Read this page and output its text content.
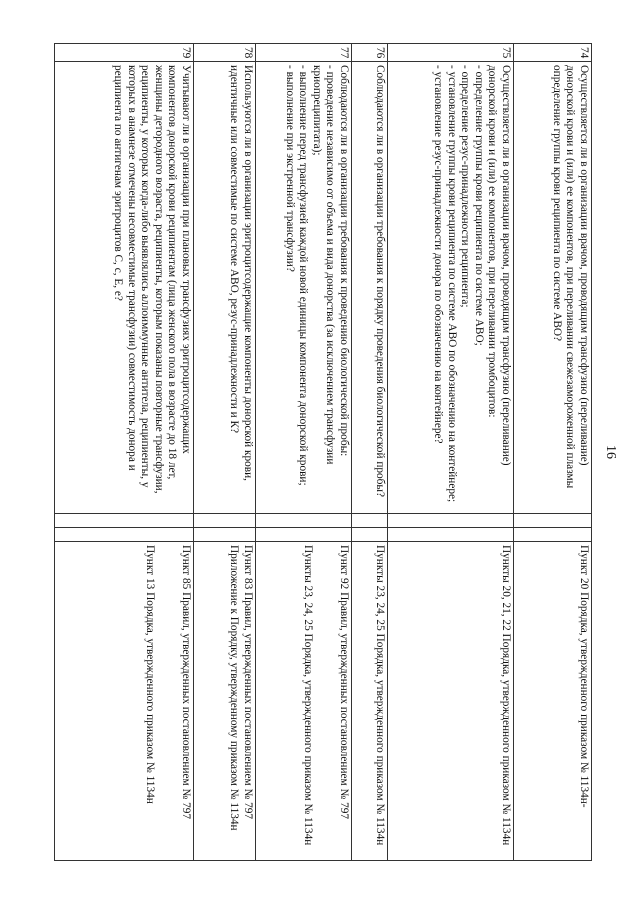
16
74	Осуществляется ли в организации врачом, проводящим трансфузию (переливание) донорской крови и (или) ее компонентов, при переливании свежезамороженной плазмы определение группы крови реципиента по системе АВО?			Пункт 20 Порядка, утвержденного приказом № 1134н-

75	Осуществляется ли в организации врачом, проводящим трансфузию (переливание) донорской крови и (или) ее компонентов, при переливании тромбоцитов:
- определение группы крови реципиента по системе АВО;
- определение резус-принадлежности реципиента;
- установление группы крови реципиента по системе АВО по обозначению на контейнере;
- установление резус-принадлежности донора по обозначению на контейнере?			Пункты 20, 21, 22 Порядка, утвержденного приказом № 1134н

76	Соблюдаются ли в организации требования к порядку проведения биологической пробы?			Пункты 23, 24, 25 Порядка, утвержденного приказом № 1134н

77	Соблюдаются ли в организации требования к проведению биологической пробы:
- проведение независимо от объема и вида донорства (за исключением трансфузии криопреципитата);
- выполнение перед трансфузией каждой новой единицы компонента донорской крови;
- выполнение при экстренной трансфузии?			Пункт 92 Правил, утвержденных постановлением № 797
Пункты 23, 24, 25 Порядка, утвержденного приказом № 1134н

78	Используются ли в организации эритроцитсодержащие компоненты донорской крови, идентичные или совместимые по системе АВО, резус-принадлежности и К?			Пункт 83 Правил, утвержденных постановлением № 797
Приложение к Порядку, утвержденному приказом № 1134н

79	Учитывают ли в организации при плановых трансфузиях эритроцитсодержащих компонентов донорской крови реципиентам (лица женского пола в возрасте до 18 лет, женщины детородного возраста, реципиенты, которым показаны повторные трансфузии, реципиенты, у которых когда-либо выявлялись аллоиммунные антитела, реципиенты, у которых в анамнезе отмечены несовместимые трансфузии) совместимость донора и реципиента по антигенам эритроцитов С, с, Е, е?			Пункт 85 Правил, утвержденных постановлением № 797
Пункт 13 Порядка, утвержденного приказом № 1134н
